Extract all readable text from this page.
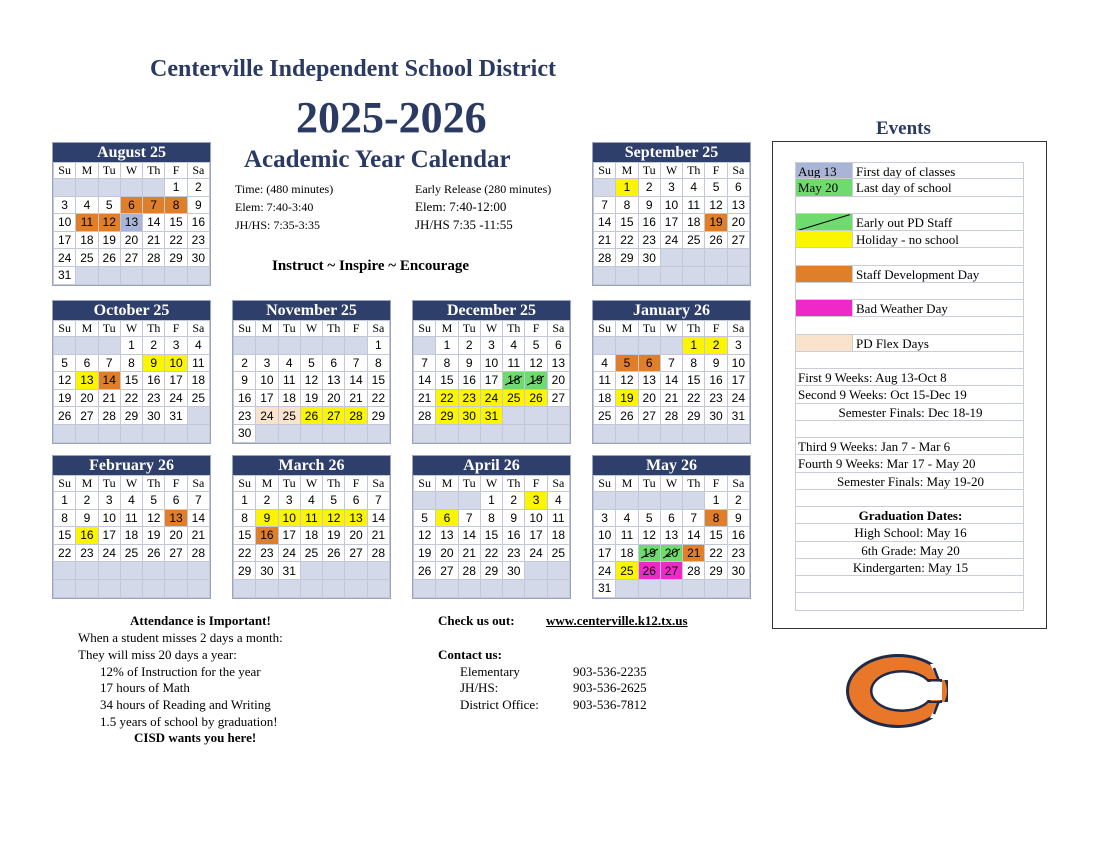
Centerville Independent School District
2025-2026
Academic Year Calendar
Time: (480 minutes)	Early Release (280 minutes)
Elem: 7:40-3:40	Elem: 7:40-12:00
JH/HS: 7:35-3:35	JH/HS 7:35 -11:55
Instruct ~ Inspire ~ Encourage
August 25
Su	M	Tu	W	Th	F	Sa
					1	2
3	4	5	6	7	8	9
10	11	12	13	14	15	16
17	18	19	20	21	22	23
24	25	26	27	28	29	30
31						
September 25
Su	M	Tu	W	Th	F	Sa
	1	2	3	4	5	6
7	8	9	10	11	12	13
14	15	16	17	18	19	20
21	22	23	24	25	26	27
28	29	30				

October 25
Su	M	Tu	W	Th	F	Sa
			1	2	3	4
5	6	7	8	9	10	11
12	13	14	15	16	17	18
19	20	21	22	23	24	25
26	27	28	29	30	31	

November 25
Su	M	Tu	W	Th	F	Sa
						1
2	3	4	5	6	7	8
9	10	11	12	13	14	15
16	17	18	19	20	21	22
23	24	25	26	27	28	29
30						
December 25
Su	M	Tu	W	Th	F	Sa
	1	2	3	4	5	6
7	8	9	10	11	12	13
14	15	16	17	18	19	20
21	22	23	24	25	26	27
28	29	30	31			

January 26
Su	M	Tu	W	Th	F	Sa
				1	2	3
4	5	6	7	8	9	10
11	12	13	14	15	16	17
18	19	20	21	22	23	24
25	26	27	28	29	30	31

February 26
Su	M	Tu	W	Th	F	Sa
1	2	3	4	5	6	7
8	9	10	11	12	13	14
15	16	17	18	19	20	21
22	23	24	25	26	27	28

March 26
Su	M	Tu	W	Th	F	Sa
1	2	3	4	5	6	7
8	9	10	11	12	13	14
15	16	17	18	19	20	21
22	23	24	25	26	27	28
29	30	31				

April 26
Su	M	Tu	W	Th	F	Sa
			1	2	3	4
5	6	7	8	9	10	11
12	13	14	15	16	17	18
19	20	21	22	23	24	25
26	27	28	29	30		

May 26
Su	M	Tu	W	Th	F	Sa
					1	2
3	4	5	6	7	8	9
10	11	12	13	14	15	16
17	18	19	20	21	22	23
24	25	26	27	28	29	30
31						
Events
Aug 13	First day of classes
May 20	Last day of school
Early out PD Staff
Holiday - no school
Staff Development Day
Bad Weather Day
PD Flex Days
First 9 Weeks: Aug 13-Oct 8
Second 9 Weeks: Oct 15-Dec 19
Semester Finals: Dec 18-19
Third 9 Weeks: Jan 7 - Mar 6
Fourth 9 Weeks: Mar 17 - May 20
Semester Finals: May 19-20
Graduation Dates:
High School: May 16
6th Grade: May 20
Kindergarten: May 15
Attendance is Important!
When a student misses 2 days a month:
They will miss 20 days a year:
12% of Instruction for the year
17 hours of Math
34 hours of Reading and Writing
1.5 years of school by graduation!
CISD wants you here!
Check us out: www.centerville.k12.tx.us
Contact us:
Elementary	903-536-2235
JH/HS:	903-536-2625
District Office:	903-536-7812
